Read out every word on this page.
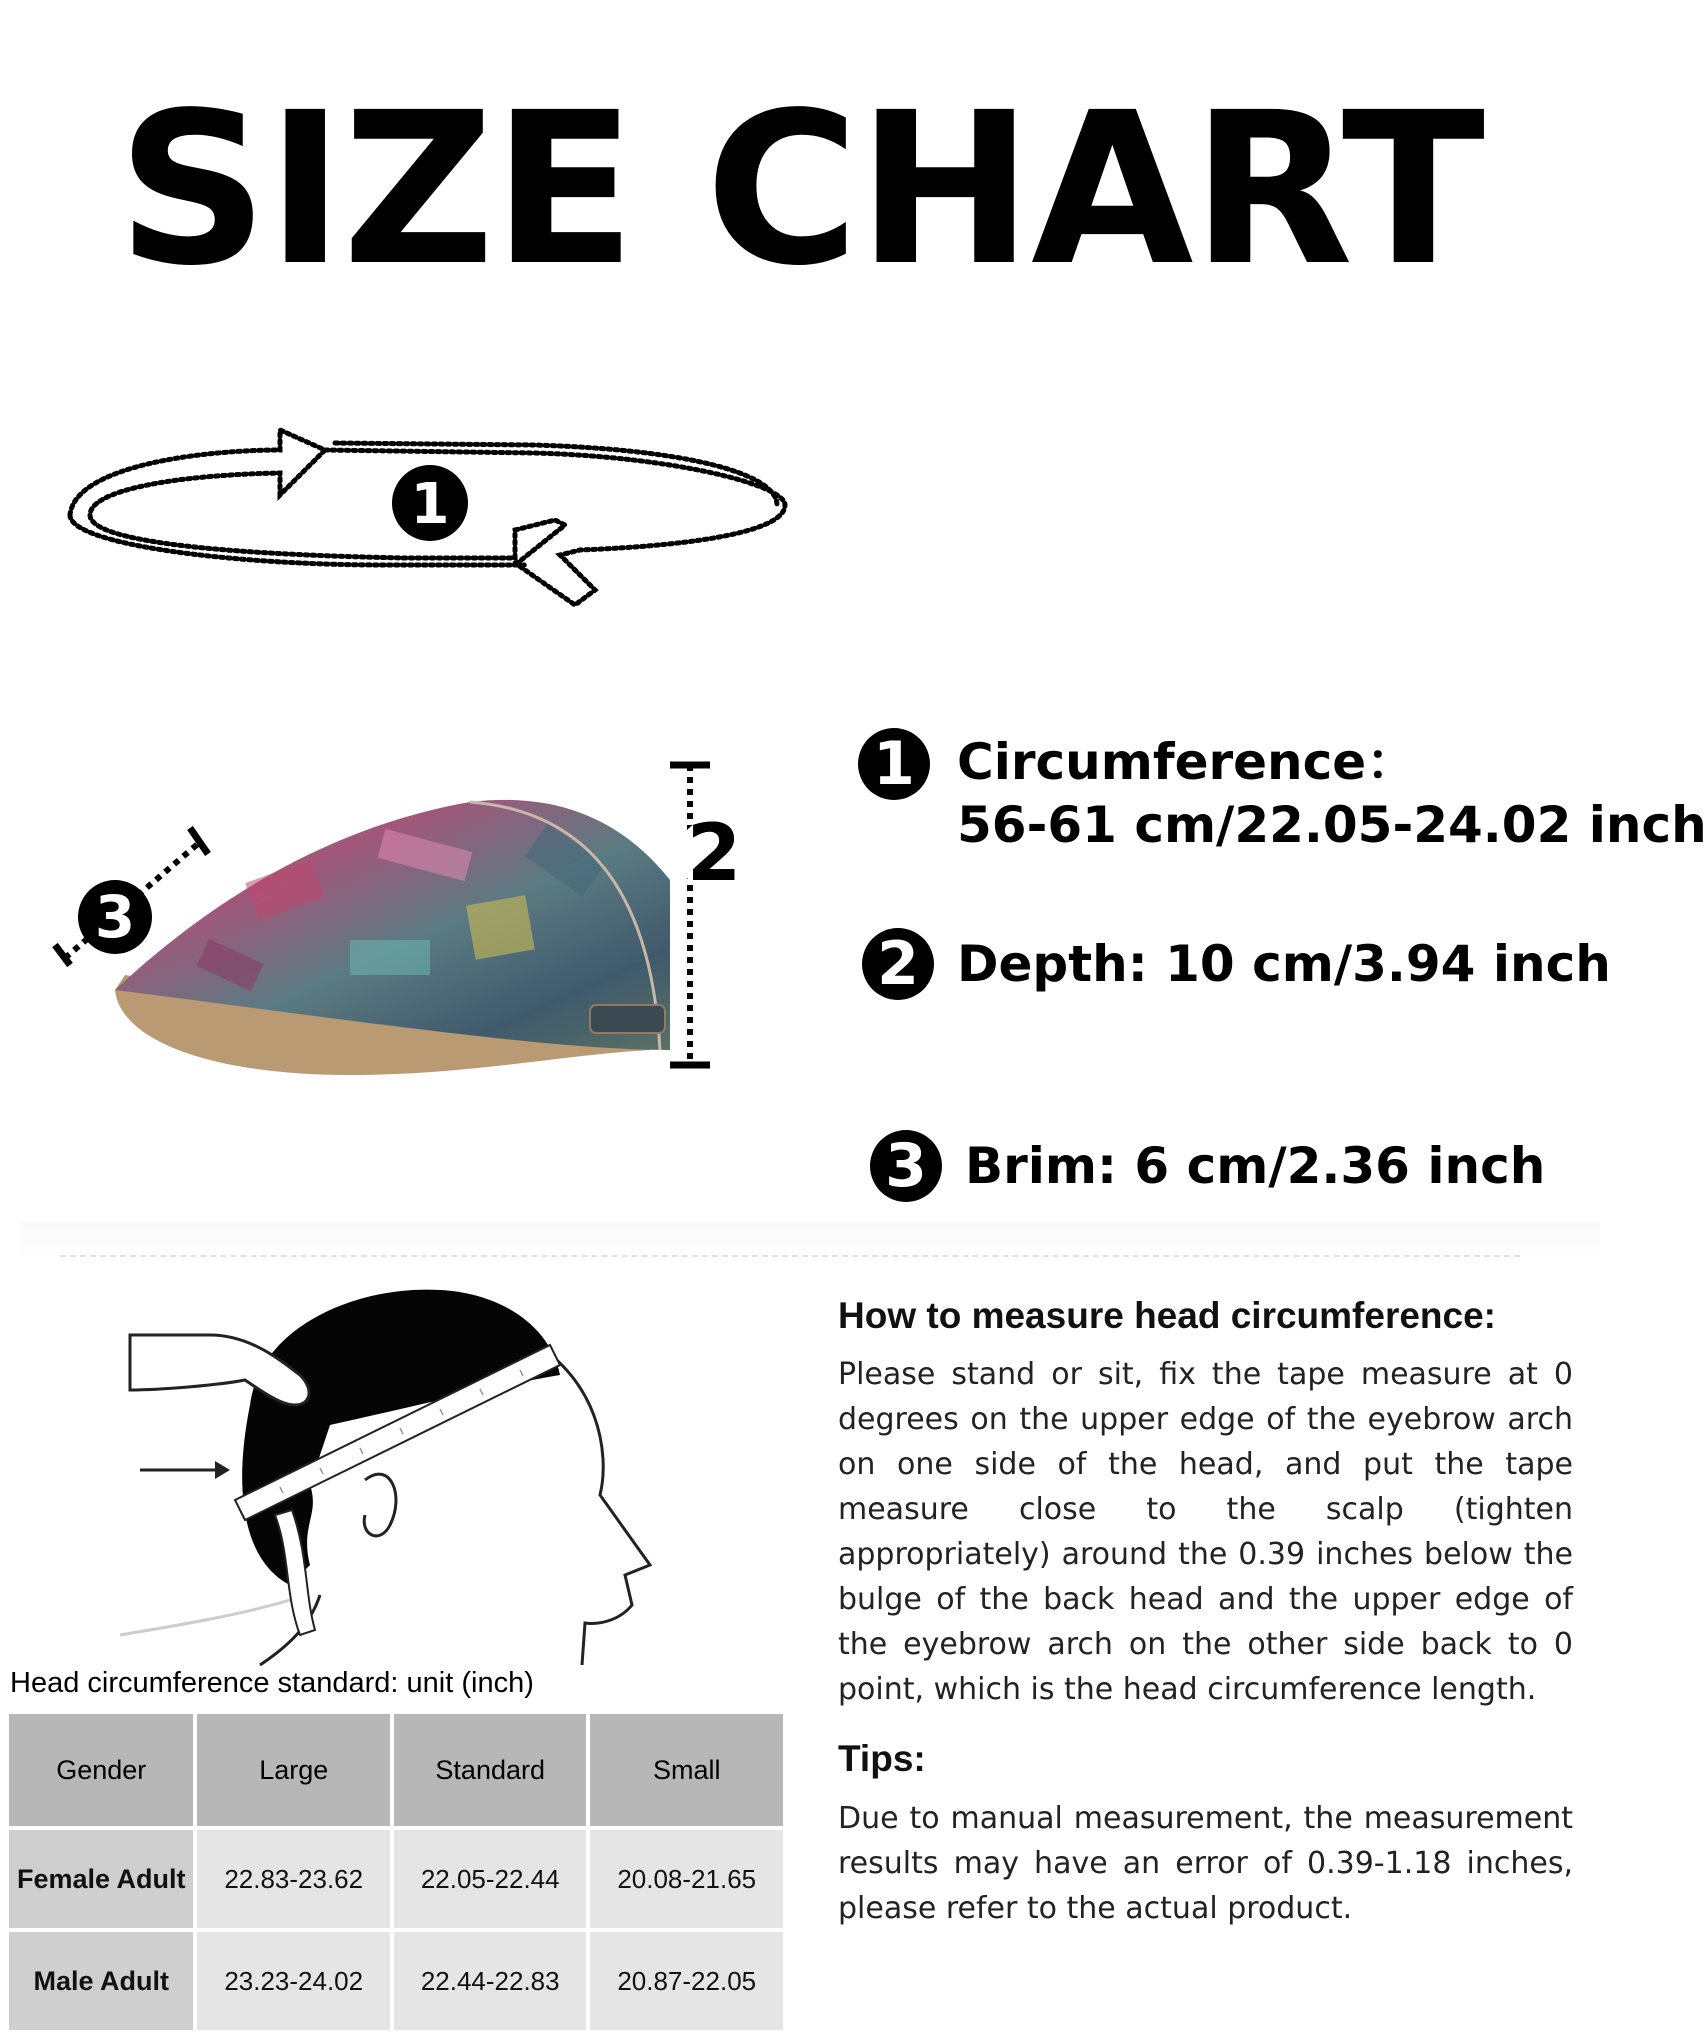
SIZE CHART
1
2
3
1 Circumference：
56-61 cm/22.05-24.02 inch
2 Depth: 10 cm/3.94 inch
3 Brim: 6 cm/2.36 inch
How to measure head circumference:
Please stand or sit, fix the tape measure at 0 degrees on the upper edge of the eyebrow arch on one side of the head, and put the tape measure close to the scalp (tighten appropriately) around the 0.39 inches below the bulge of the back head and the upper edge of the eyebrow arch on the other side back to 0 point, which is the head circumference length.
Tips:
Due to manual measurement, the measurement results may have an error of 0.39-1.18 inches, please refer to the actual product.
Head circumference standard: unit (inch)
Gender	Large	Standard	Small
Female Adult	22.83-23.62	22.05-22.44	20.08-21.65
Male Adult	23.23-24.02	22.44-22.83	20.87-22.05
